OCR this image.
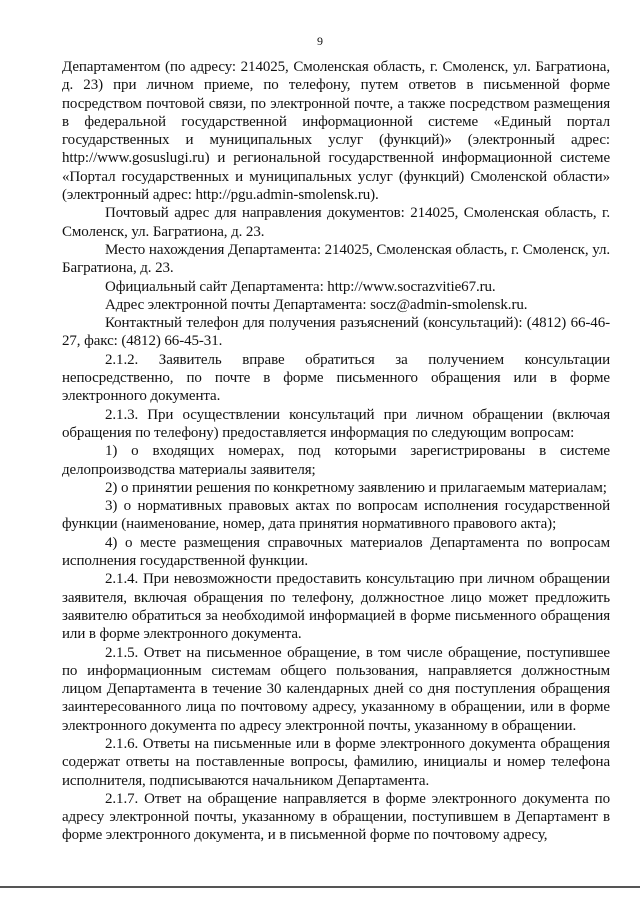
9

Департаментом (по адресу: 214025, Смоленская область, г. Смоленск, ул. Багратиона, д. 23) при личном приеме, по телефону, путем ответов в письменной форме посредством почтовой связи, по электронной почте, а также посредством размещения в федеральной государственной информационной системе «Единый портал государственных и муниципальных услуг (функций)» (электронный адрес: http://www.gosuslugi.ru) и региональной государственной информационной системе «Портал государственных и муниципальных услуг (функций) Смоленской области» (электронный адрес: http://pgu.admin-smolensk.ru).

Почтовый адрес для направления документов: 214025, Смоленская область, г. Смоленск, ул. Багратиона, д. 23.

Место нахождения Департамента: 214025, Смоленская область, г. Смоленск, ул. Багратиона, д. 23.

Официальный сайт Департамента: http://www.socrazvitie67.ru.

Адрес электронной почты Департамента: socz@admin-smolensk.ru.

Контактный телефон для получения разъяснений (консультаций): (4812) 66-46-27, факс: (4812) 66-45-31.

2.1.2. Заявитель вправе обратиться за получением консультации непосредственно, по почте в форме письменного обращения или в форме электронного документа.

2.1.3. При осуществлении консультаций при личном обращении (включая обращения по телефону) предоставляется информация по следующим вопросам:

1) о входящих номерах, под которыми зарегистрированы в системе делопроизводства материалы заявителя;

2) о принятии решения по конкретному заявлению и прилагаемым материалам;

3) о нормативных правовых актах по вопросам исполнения государственной функции (наименование, номер, дата принятия нормативного правового акта);

4) о месте размещения справочных материалов Департамента по вопросам исполнения государственной функции.

2.1.4. При невозможности предоставить консультацию при личном обращении заявителя, включая обращения по телефону, должностное лицо может предложить заявителю обратиться за необходимой информацией в форме письменного обращения или в форме электронного документа.

2.1.5. Ответ на письменное обращение, в том числе обращение, поступившее по информационным системам общего пользования, направляется должностным лицом Департамента в течение 30 календарных дней со дня поступления обращения заинтересованного лица по почтовому адресу, указанному в обращении, или в форме электронного документа по адресу электронной почты, указанному в обращении.

2.1.6. Ответы на письменные или в форме электронного документа обращения содержат ответы на поставленные вопросы, фамилию, инициалы и номер телефона исполнителя, подписываются начальником Департамента.

2.1.7. Ответ на обращение направляется в форме электронного документа по адресу электронной почты, указанному в обращении, поступившем в Департамент в форме электронного документа, и в письменной форме по почтовому адресу,
